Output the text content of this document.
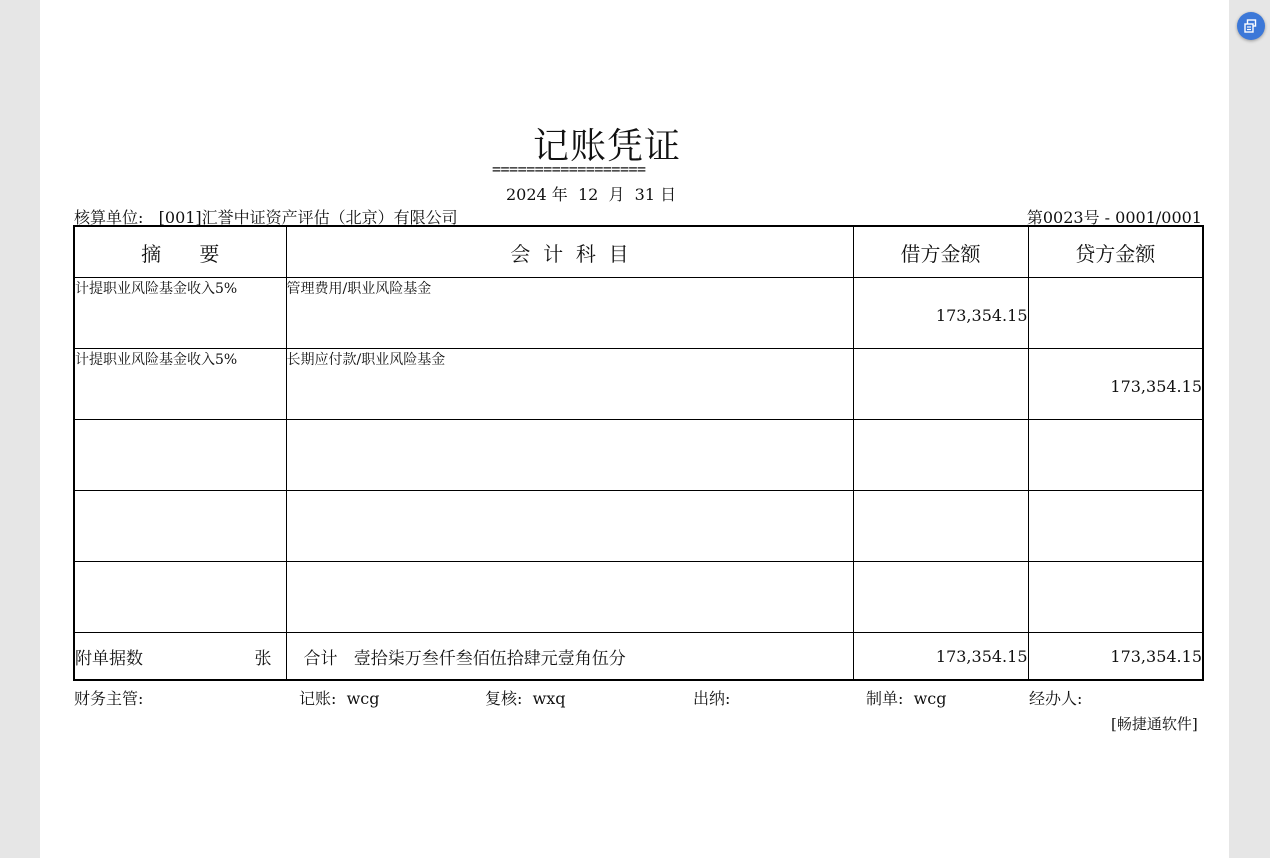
记账凭证
==================
2024 年  12  月  31 日
核算单位:   [001]汇誉中证资产评估（北京）有限公司	第0023号 - 0001/0001
摘      要	会  计  科  目	借方金额	贷方金额
计提职业风险基金收入5%	管理费用/职业风险基金	173,354.15	
计提职业风险基金收入5%	长期应付款/职业风险基金		173,354.15

附单据数 张	合计   壹拾柒万叁仟叁佰伍拾肆元壹角伍分	173,354.15	173,354.15
财务主管:	记账:  wcg	复核:  wxq	出纳:	制单:  wcg	经办人:
[畅捷通软件]
